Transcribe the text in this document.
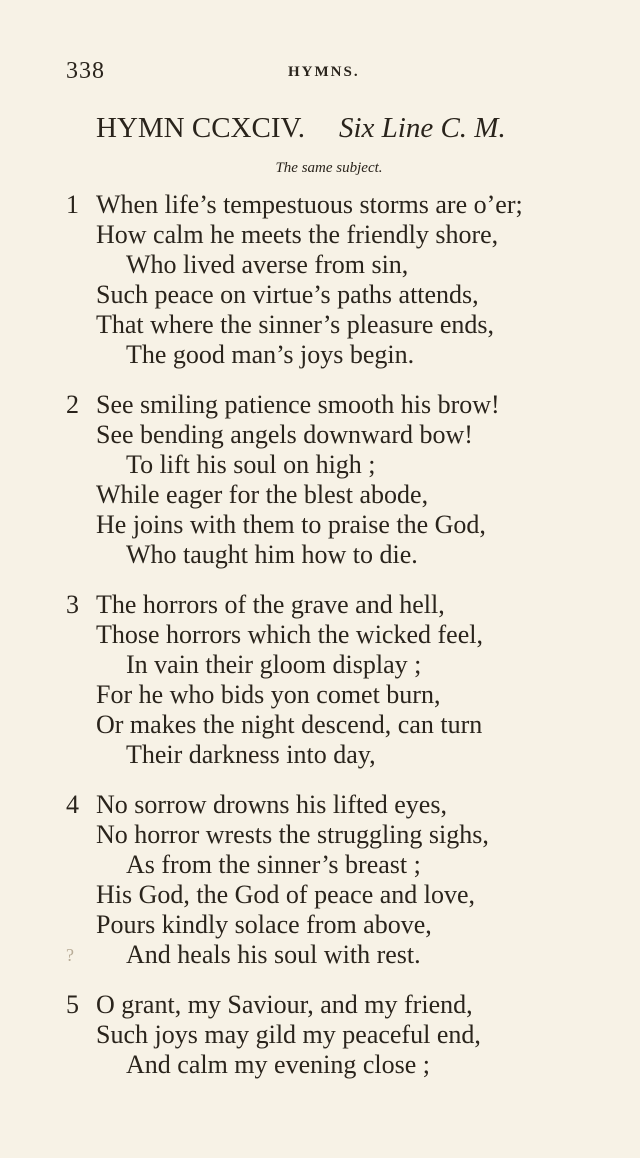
338	HYMNS.
HYMN CCXCIV. Six Line C. M.
The same subject.
1 When life’s tempestuous storms are o’er;
How calm he meets the friendly shore,
Who lived averse from sin,
Such peace on virtue’s paths attends,
That where the sinner’s pleasure ends,
The good man’s joys begin.
2 See smiling patience smooth his brow!
See bending angels downward bow!
To lift his soul on high ;
While eager for the blest abode,
He joins with them to praise the God,
Who taught him how to die.
3 The horrors of the grave and hell,
Those horrors which the wicked feel,
In vain their gloom display ;
For he who bids yon comet burn,
Or makes the night descend, can turn
Their darkness into day,
4
?
No sorrow drowns his lifted eyes,
No horror wrests the struggling sighs,
As from the sinner’s breast ;
His God, the God of peace and love,
Pours kindly solace from above,
And heals his soul with rest.
5 O grant, my Saviour, and my friend,
Such joys may gild my peaceful end,
And calm my evening close ;
